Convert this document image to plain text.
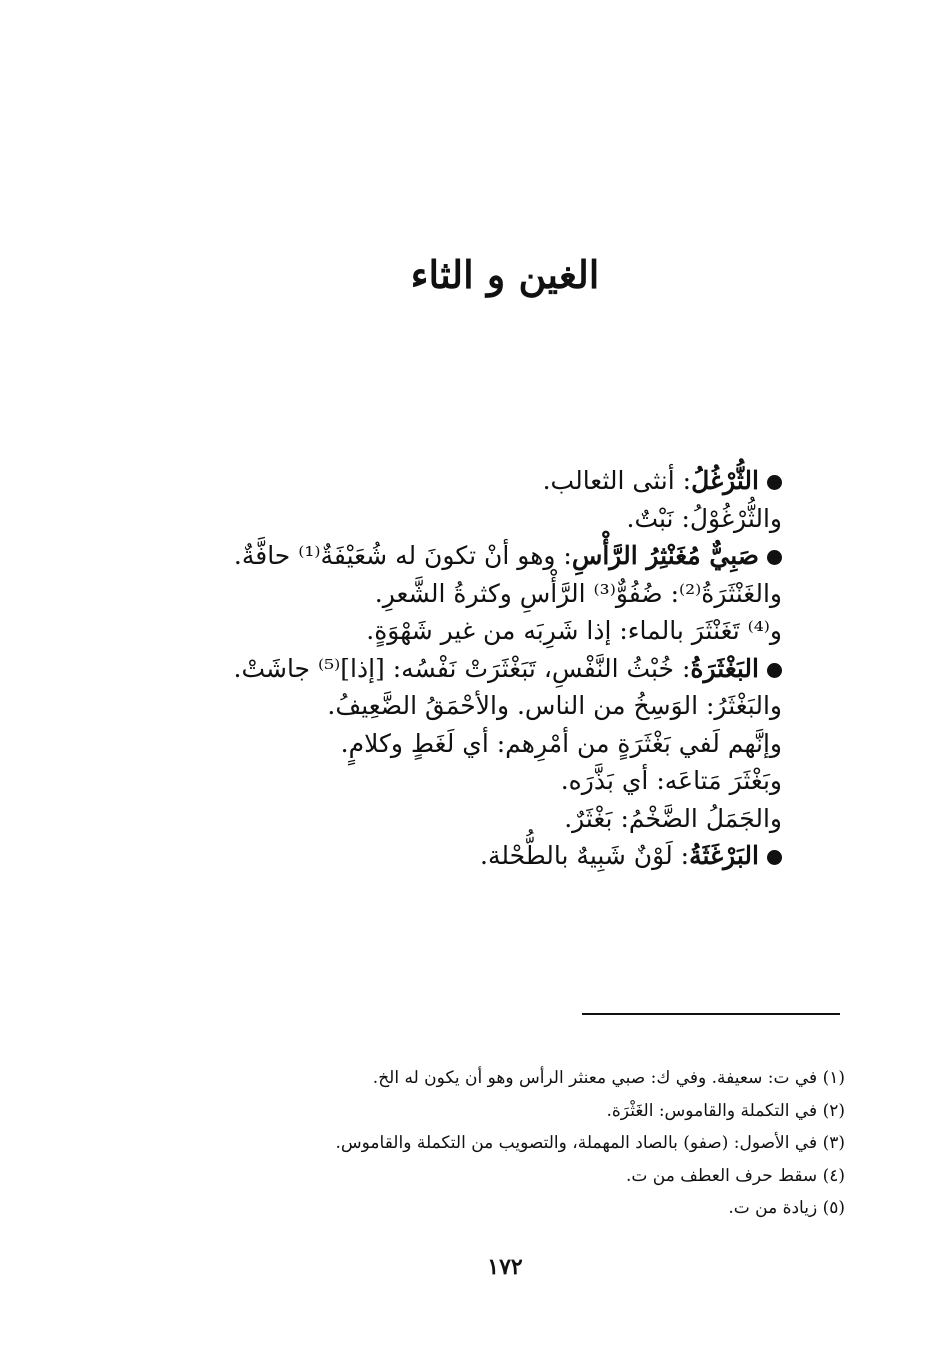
الغين و الثاء
الثُّرْغُلُ: أنثى الثعالب.
والثُّرْغُوْلُ: نَبْتٌ.
صَبِيٌّ مُغَنْثِرُ الرَّأْسِ: وهو أنْ تكونَ له شُعَيْفَةٌ⁽¹⁾ حافَّةٌ.
والغَنْثَرَةُ⁽²⁾: ضُفُوٌّ⁽³⁾ الرَّأْسِ وكثرةُ الشَّعرِ.
و⁽⁴⁾ تَغَنْثَرَ بالماء: إذا شَرِبَه من غير شَهْوَةٍ.
البَغْثَرَةُ: خُبْثُ النَّفْسِ، تَبَغْثَرَتْ نَفْسُه: [إذا]⁽⁵⁾ جاشَتْ.
والبَغْثَرُ: الوَسِخُ من الناس. والأحْمَقُ الضَّعِيفُ.
وإنَّهم لَفي بَغْثَرَةٍ من أمْرِهم: أي لَغَطٍ وكلامٍ.
وبَغْثَرَ مَتاعَه: أي بَذَّرَه.
والجَمَلُ الضَّخْمُ: بَغْثَرٌ.
البَرْغَثَةُ: لَوْنٌ شَبِيهٌ بالطُّحْلة.
(١) في ت: سعيفة. وفي ك: صبي معنثر الرأس وهو أن يكون له الخ.
(٢) في التكملة والقاموس: الغَثْرَة.
(٣) في الأصول: (صفو) بالصاد المهملة، والتصويب من التكملة والقاموس.
(٤) سقط حرف العطف من ت.
(٥) زيادة من ت.
١٧٢
